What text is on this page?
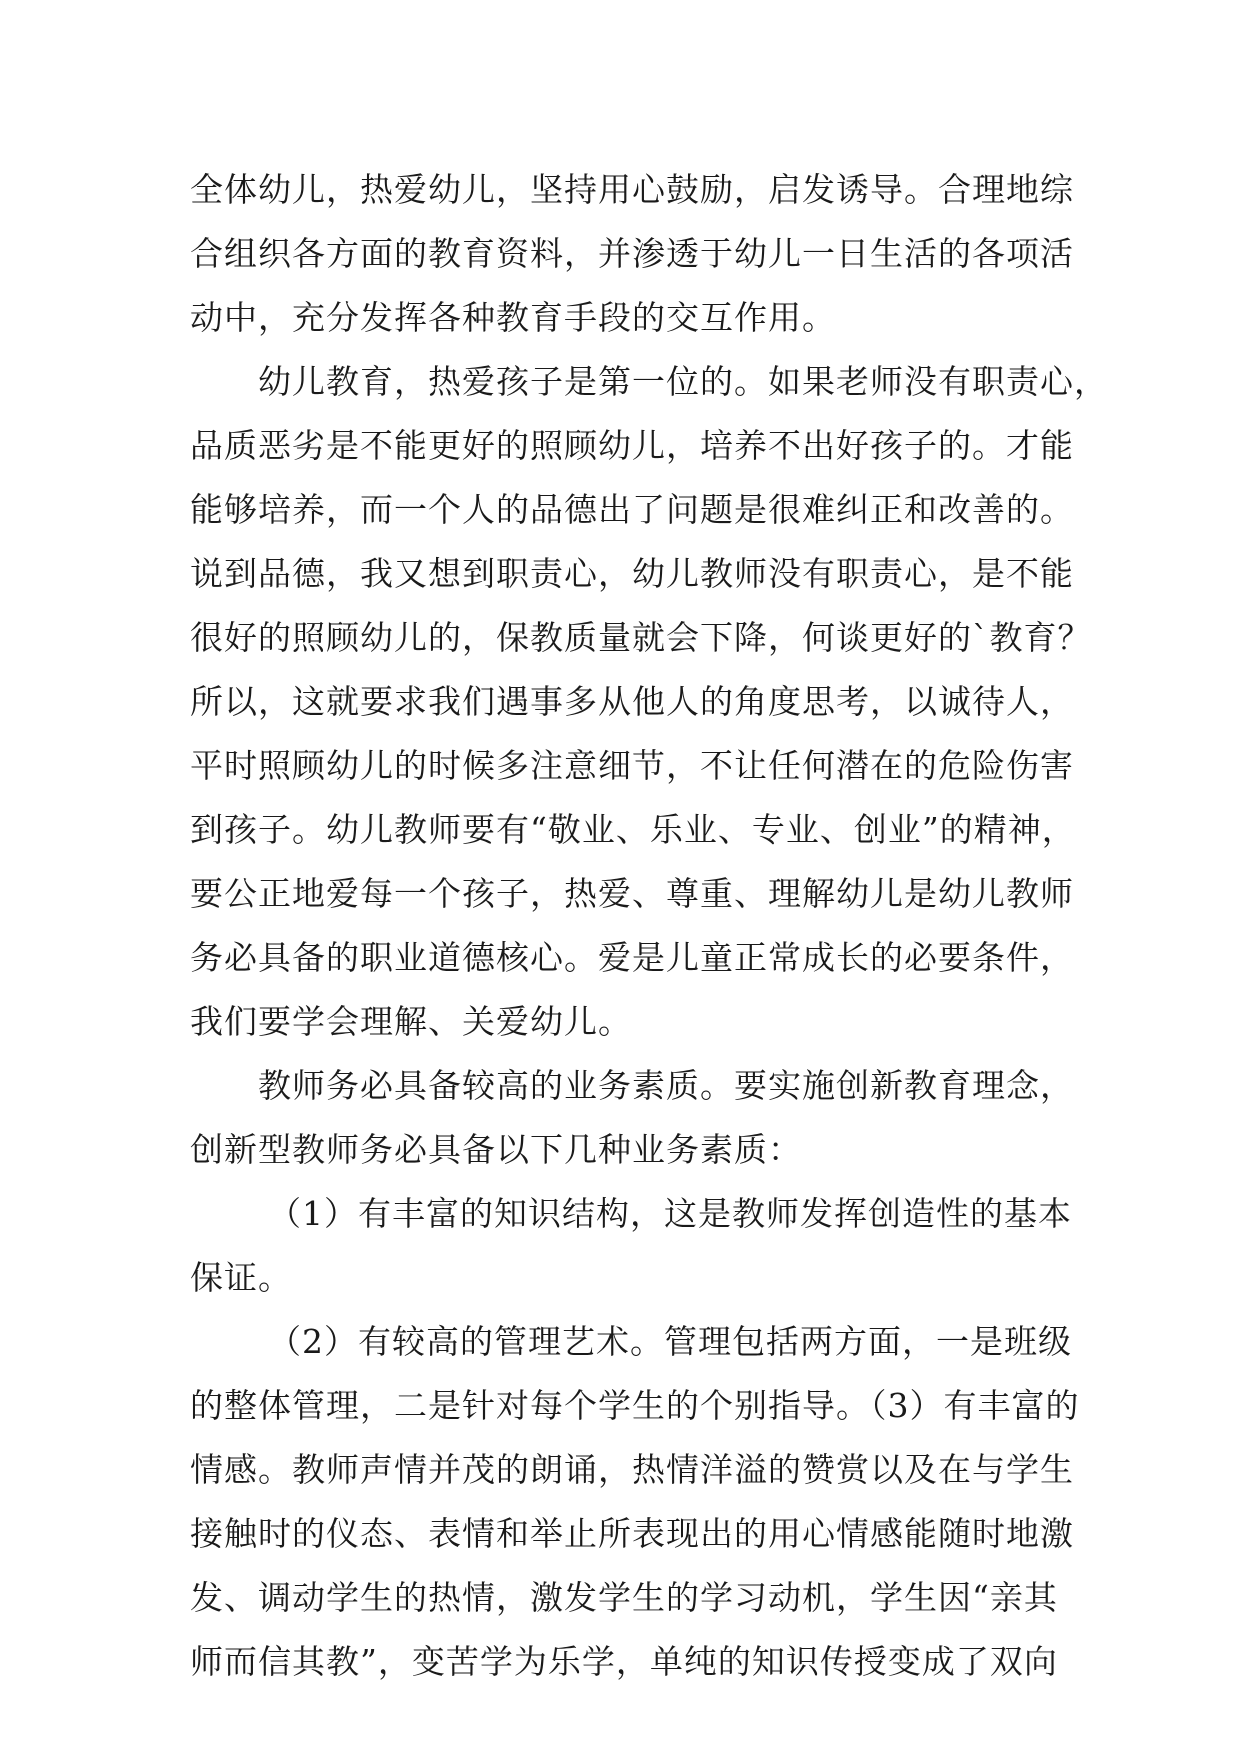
全体幼儿，热爱幼儿，坚持用心鼓励，启发诱导。合理地综
合组织各方面的教育资料，并渗透于幼儿一日生活的各项活
动中，充分发挥各种教育手段的交互作用。
幼儿教育，热爱孩子是第一位的。如果老师没有职责心，
品质恶劣是不能更好的照顾幼儿，培养不出好孩子的。才能
能够培养，而一个人的品德出了问题是很难纠正和改善的。
说到品德，我又想到职责心，幼儿教师没有职责心，是不能
很好的照顾幼儿的，保教质量就会下降，何谈更好的`教育？
所以，这就要求我们遇事多从他人的角度思考，以诚待人，
平时照顾幼儿的时候多注意细节，不让任何潜在的危险伤害
到孩子。幼儿教师要有“敬业、乐业、专业、创业”的精神，
要公正地爱每一个孩子，热爱、尊重、理解幼儿是幼儿教师
务必具备的职业道德核心。爱是儿童正常成长的必要条件，
我们要学会理解、关爱幼儿。
教师务必具备较高的业务素质。要实施创新教育理念，
创新型教师务必具备以下几种业务素质：
（1）有丰富的知识结构，这是教师发挥创造性的基本
保证。
（2）有较高的管理艺术。管理包括两方面，一是班级
的整体管理，二是针对每个学生的个别指导。（3）有丰富的
情感。教师声情并茂的朗诵，热情洋溢的赞赏以及在与学生
接触时的仪态、表情和举止所表现出的用心情感能随时地激
发、调动学生的热情，激发学生的学习动机，学生因“亲其
师而信其教”，变苦学为乐学，单纯的知识传授变成了双向
